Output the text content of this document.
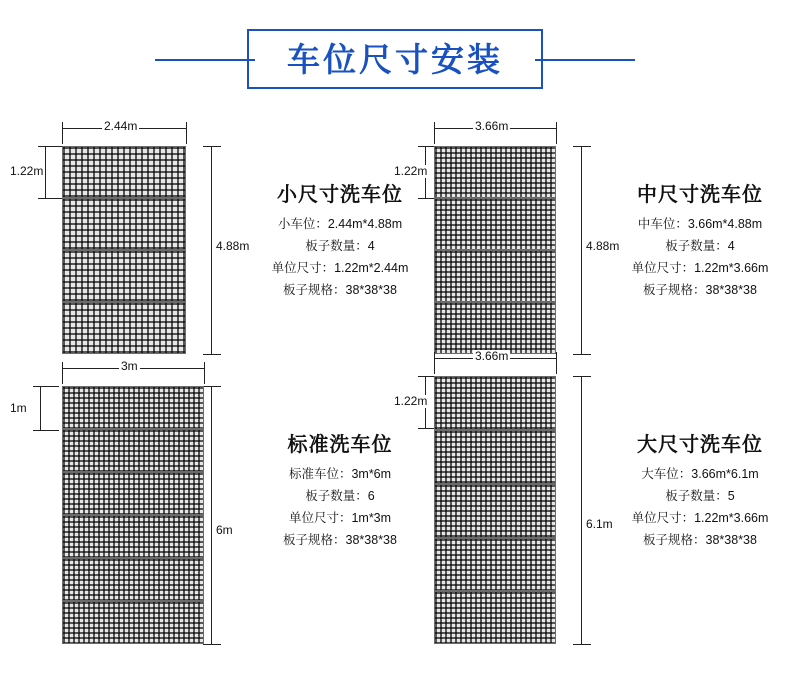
车位尺寸安装
2.44m
1.22m
4.88m
小尺寸洗车位

小车位：2.44m*4.88m

板子数量：4

单位尺寸：1.22m*2.44m

板子规格：38*38*38

3.66m
1.22m
4.88m
中尺寸洗车位

中车位：3.66m*4.88m

板子数量：4

单位尺寸：1.22m*3.66m

板子规格：38*38*38

3m
1m
6m
标准洗车位

标准车位：3m*6m

板子数量：6

单位尺寸：1m*3m

板子规格：38*38*38

3.66m
1.22m
6.1m
大尺寸洗车位

大车位：3.66m*6.1m

板子数量：5

单位尺寸：1.22m*3.66m

板子规格：38*38*38
